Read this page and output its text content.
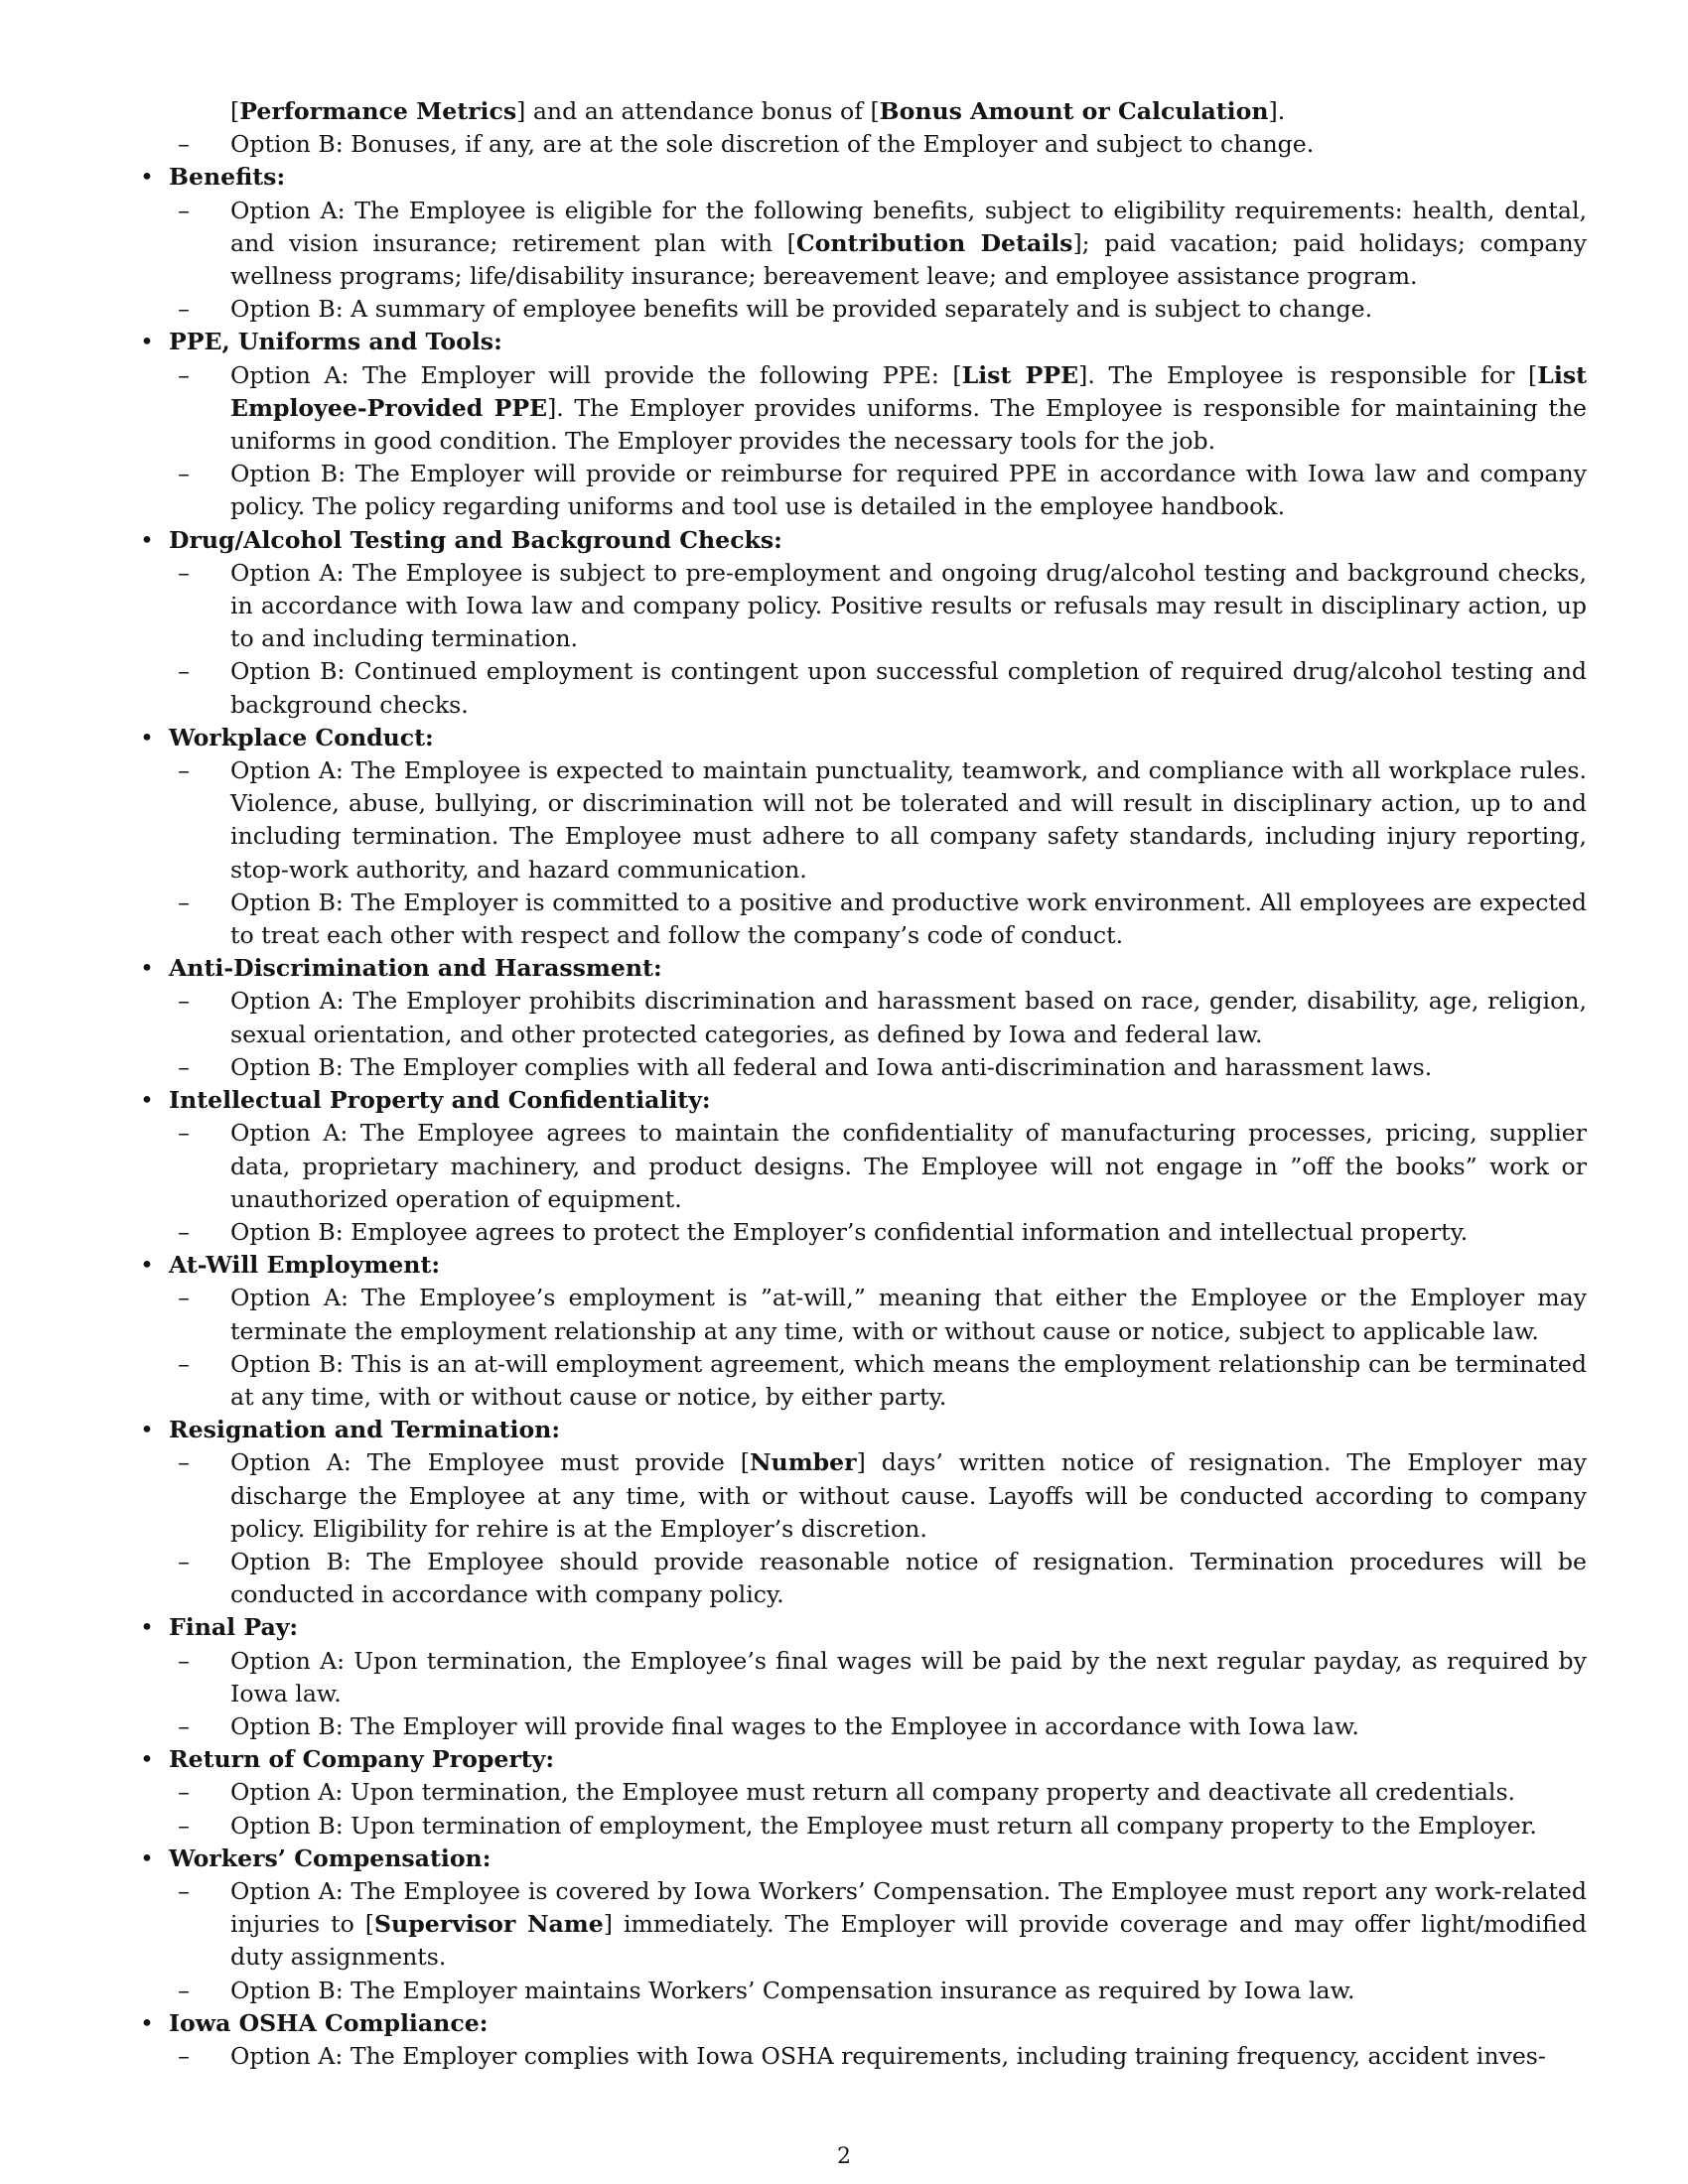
[Performance Metrics] and an attendance bonus of [Bonus Amount or Calculation].
–	Option B: Bonuses, if any, are at the sole discretion of the Employer and subject to change.
• Benefits:
–	Option A: The Employee is eligible for the following benefits, subject to eligibility requirements: health, dental, and vision insurance; retirement plan with [Contribution Details]; paid vacation; paid holidays; company wellness programs; life/disability insurance; bereavement leave; and employee assistance program.
–	Option B: A summary of employee benefits will be provided separately and is subject to change.
• PPE, Uniforms and Tools:
–	Option A: The Employer will provide the following PPE: [List PPE]. The Employee is responsible for [List Employee-Provided PPE]. The Employer provides uniforms. The Employee is responsible for maintaining the uniforms in good condition. The Employer provides the necessary tools for the job.
–	Option B: The Employer will provide or reimburse for required PPE in accordance with Iowa law and company policy. The policy regarding uniforms and tool use is detailed in the employee handbook.
• Drug/Alcohol Testing and Background Checks:
–	Option A: The Employee is subject to pre-employment and ongoing drug/alcohol testing and background checks, in accordance with Iowa law and company policy. Positive results or refusals may result in disciplinary action, up to and including termination.
–	Option B: Continued employment is contingent upon successful completion of required drug/alcohol testing and background checks.
• Workplace Conduct:
–	Option A: The Employee is expected to maintain punctuality, teamwork, and compliance with all workplace rules. Violence, abuse, bullying, or discrimination will not be tolerated and will result in disciplinary action, up to and including termination. The Employee must adhere to all company safety standards, including injury reporting, stop-work authority, and hazard communication.
–	Option B: The Employer is committed to a positive and productive work environment. All employees are expected to treat each other with respect and follow the company’s code of conduct.
• Anti-Discrimination and Harassment:
–	Option A: The Employer prohibits discrimination and harassment based on race, gender, disability, age, religion, sexual orientation, and other protected categories, as defined by Iowa and federal law.
–	Option B: The Employer complies with all federal and Iowa anti-discrimination and harassment laws.
• Intellectual Property and Confidentiality:
–	Option A: The Employee agrees to maintain the confidentiality of manufacturing processes, pricing, supplier data, proprietary machinery, and product designs. The Employee will not engage in ”off the books” work or unauthorized operation of equipment.
–	Option B: Employee agrees to protect the Employer’s confidential information and intellectual property.
• At-Will Employment:
–	Option A: The Employee’s employment is ”at-will,” meaning that either the Employee or the Employer may terminate the employment relationship at any time, with or without cause or notice, subject to applicable law.
–	Option B: This is an at-will employment agreement, which means the employment relationship can be terminated at any time, with or without cause or notice, by either party.
• Resignation and Termination:
–	Option A: The Employee must provide [Number] days’ written notice of resignation. The Employer may discharge the Employee at any time, with or without cause. Layoffs will be conducted according to company policy. Eligibility for rehire is at the Employer’s discretion.
–	Option B: The Employee should provide reasonable notice of resignation. Termination procedures will be conducted in accordance with company policy.
• Final Pay:
–	Option A: Upon termination, the Employee’s final wages will be paid by the next regular payday, as required by Iowa law.
–	Option B: The Employer will provide final wages to the Employee in accordance with Iowa law.
• Return of Company Property:
–	Option A: Upon termination, the Employee must return all company property and deactivate all credentials.
–	Option B: Upon termination of employment, the Employee must return all company property to the Employer.
• Workers’ Compensation:
–	Option A: The Employee is covered by Iowa Workers’ Compensation. The Employee must report any work-related injuries to [Supervisor Name] immediately. The Employer will provide coverage and may offer light/modified duty assignments.
–	Option B: The Employer maintains Workers’ Compensation insurance as required by Iowa law.
• Iowa OSHA Compliance:
–	Option A: The Employer complies with Iowa OSHA requirements, including training frequency, accident inves-
2
